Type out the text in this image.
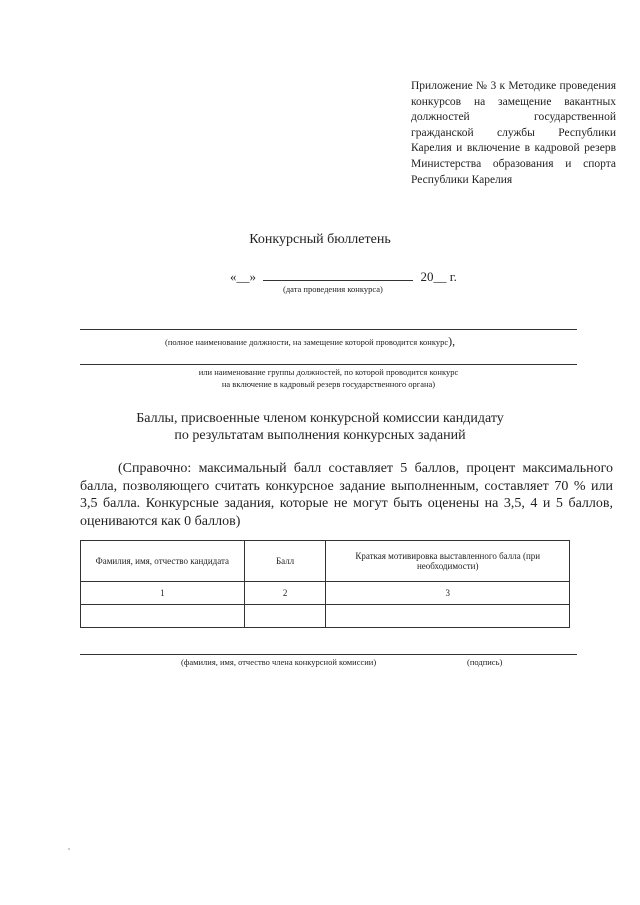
Приложение № 3 к Методике проведения конкурсов на замещение вакантных должностей государственной гражданской службы Республики Карелия и включение в кадровой резерв Министерства образования и спорта Республики Карелия

Конкурсный бюллетень
«__»	20__ г.
(дата проведения конкурса)
(полное наименование должности, на замещение которой проводится конкурс),
или наименование группы должностей, по которой проводится конкурс
на включение в кадровый резерв государственного органа)
Баллы, присвоенные членом конкурсной комиссии кандидату
по результатам выполнения конкурсных заданий
(Справочно: максимальный балл составляет 5 баллов, процент максимального балла, позволяющего считать конкурсное задание выполненным, составляет 70 % или 3,5 балла. Конкурсные задания, которые не могут быть оценены на 3,5, 4 и 5 баллов, оцениваются как 0 баллов)
Фамилия, имя, отчество кандидата	Балл	Краткая мотивировка выставленного балла (при необходимости)
1	2	3

(фамилия, имя, отчество члена конкурсной комиссии)	(подпись)
